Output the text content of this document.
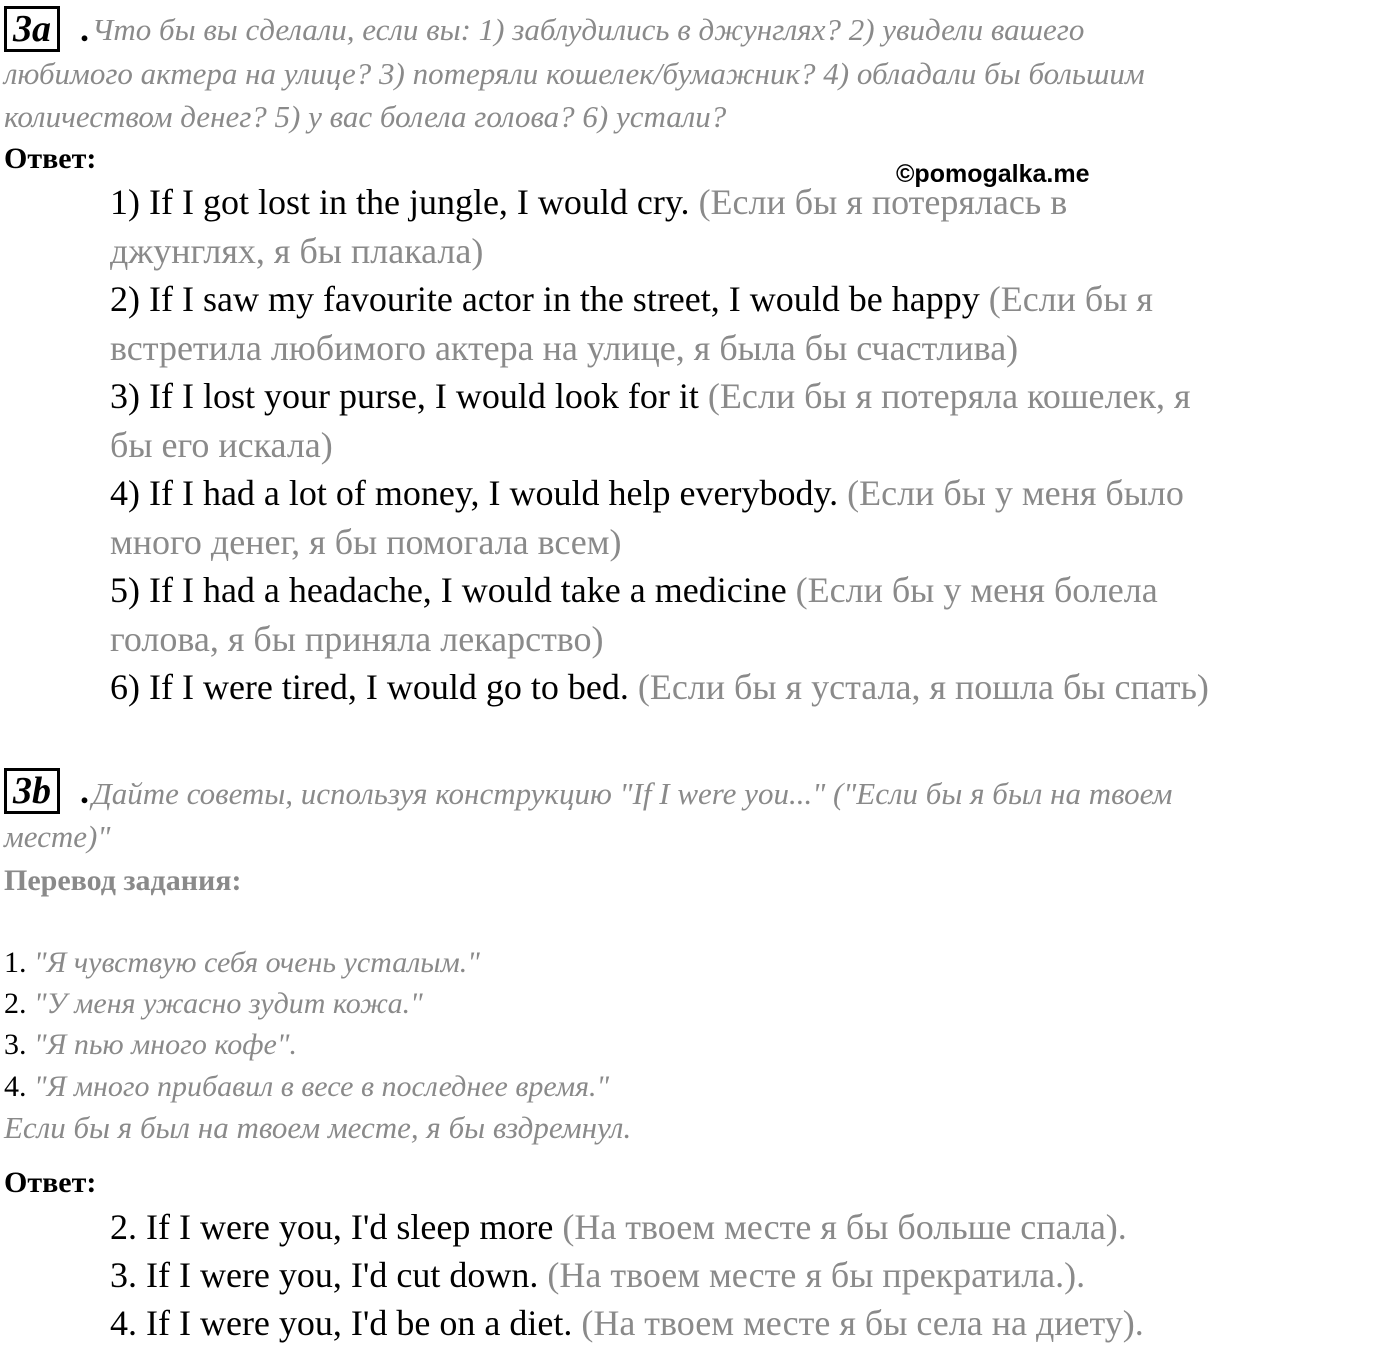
3a . Что бы вы сделали, если вы: 1) заблудились в джунглях? 2) увидели вашего
любимого актера на улице? 3) потеряли кошелек/бумажник? 4) обладали бы большим
количеством денег? 5) у вас болела голова? 6) устали?
Ответ:	©pomogalka.me
1) If I got lost in the jungle, I would cry. (Если бы я потерялась в
джунглях, я бы плакала)
2) If I saw my favourite actor in the street, I would be happy (Если бы я
встретила любимого актера на улице, я была бы счастлива)
3) If I lost your purse, I would look for it (Если бы я потеряла кошелек, я
бы его искала)
4) If I had a lot of money, I would help everybody. (Если бы у меня было
много денег, я бы помогала всем)
5) If I had a headache, I would take a medicine (Если бы у меня болела
голова, я бы приняла лекарство)
6) If I were tired, I would go to bed. (Если бы я устала, я пошла бы спать)
3b . Дайте советы, используя конструкцию "If I were you..." ("Если бы я был на твоем
месте)"
Перевод задания:
1. "Я чувствую себя очень усталым."
2. "У меня ужасно зудит кожа."
3. "Я пью много кофе".
4. "Я много прибавил в весе в последнее время."
Если бы я был на твоем месте, я бы вздремнул.
Ответ:
2. If I were you, I'd sleep more (На твоем месте я бы больше спала).
3. If I were you, I'd cut down. (На твоем месте я бы прекратила.).
4. If I were you, I'd be on a diet. (На твоем месте я бы села на диету).
